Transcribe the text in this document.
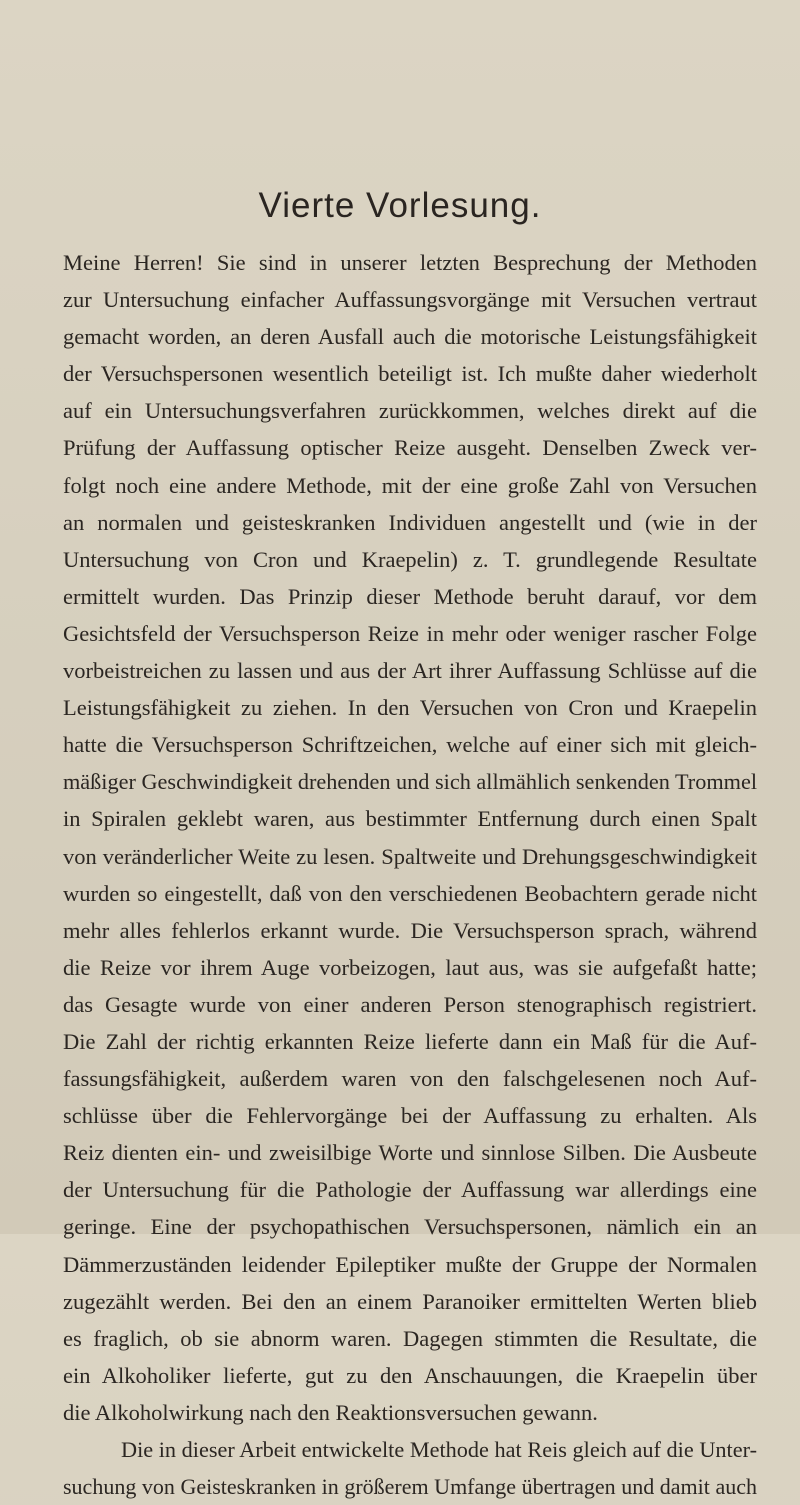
Vierte Vorlesung.
Meine Herren! Sie sind in unserer letzten Besprechung der Methoden
zur Untersuchung einfacher Auffassungsvorgänge mit Versuchen vertraut
gemacht worden, an deren Ausfall auch die motorische Leistungsfähigkeit
der Versuchspersonen wesentlich beteiligt ist. Ich mußte daher wiederholt
auf ein Untersuchungsverfahren zurückkommen, welches direkt auf die
Prüfung der Auffassung optischer Reize ausgeht. Denselben Zweck ver-
folgt noch eine andere Methode, mit der eine große Zahl von Versuchen
an normalen und geisteskranken Individuen angestellt und (wie in der
Untersuchung von Cron und Kraepelin) z. T. grundlegende Resultate
ermittelt wurden. Das Prinzip dieser Methode beruht darauf, vor dem
Gesichtsfeld der Versuchsperson Reize in mehr oder weniger rascher Folge
vorbeistreichen zu lassen und aus der Art ihrer Auffassung Schlüsse auf die
Leistungsfähigkeit zu ziehen. In den Versuchen von Cron und Kraepelin
hatte die Versuchsperson Schriftzeichen, welche auf einer sich mit gleich-
mäßiger Geschwindigkeit drehenden und sich allmählich senkenden Trommel
in Spiralen geklebt waren, aus bestimmter Entfernung durch einen Spalt
von veränderlicher Weite zu lesen. Spaltweite und Drehungsgeschwindigkeit
wurden so eingestellt, daß von den verschiedenen Beobachtern gerade nicht
mehr alles fehlerlos erkannt wurde. Die Versuchsperson sprach, während
die Reize vor ihrem Auge vorbeizogen, laut aus, was sie aufgefaßt hatte;
das Gesagte wurde von einer anderen Person stenographisch registriert.
Die Zahl der richtig erkannten Reize lieferte dann ein Maß für die Auf-
fassungsfähigkeit, außerdem waren von den falschgelesenen noch Auf-
schlüsse über die Fehlervorgänge bei der Auffassung zu erhalten. Als
Reiz dienten ein- und zweisilbige Worte und sinnlose Silben. Die Ausbeute
der Untersuchung für die Pathologie der Auffassung war allerdings eine
geringe. Eine der psychopathischen Versuchspersonen, nämlich ein an
Dämmerzuständen leidender Epileptiker mußte der Gruppe der Normalen
zugezählt werden. Bei den an einem Paranoiker ermittelten Werten blieb
es fraglich, ob sie abnorm waren. Dagegen stimmten die Resultate, die
ein Alkoholiker lieferte, gut zu den Anschauungen, die Kraepelin über
die Alkoholwirkung nach den Reaktionsversuchen gewann.
Die in dieser Arbeit entwickelte Methode hat Reis gleich auf die Unter-
suchung von Geisteskranken in größerem Umfange übertragen und damit auch
